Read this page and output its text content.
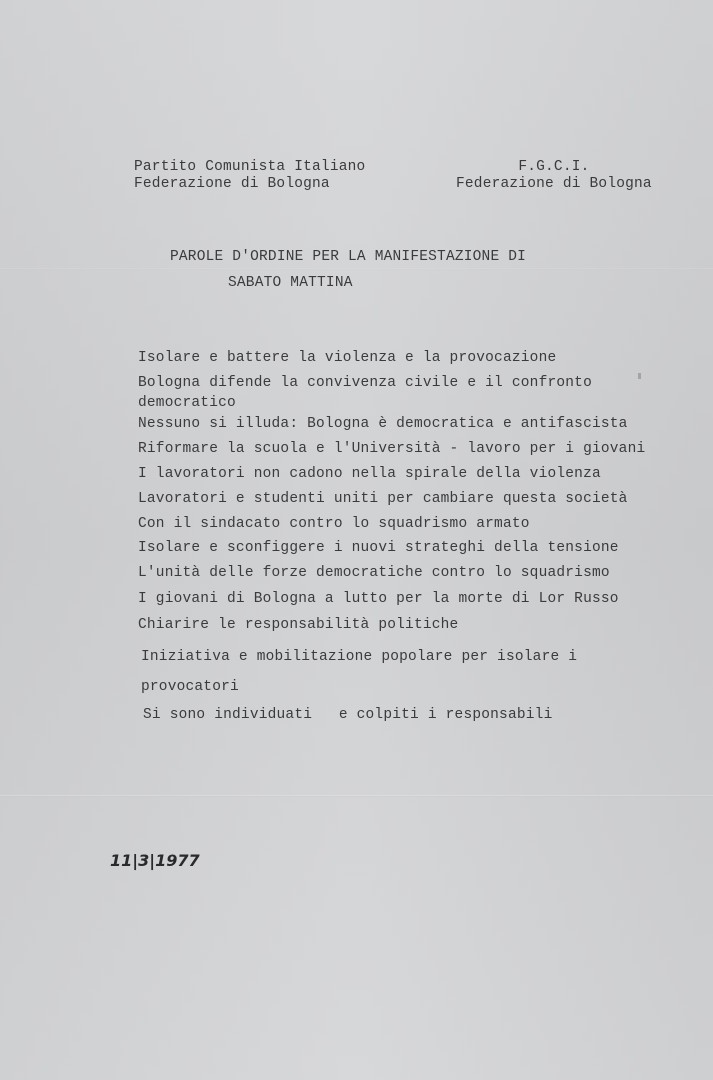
Partito Comunista Italiano
Federazione di Bologna
F.G.C.I.
Federazione di Bologna
PAROLE D'ORDINE PER LA MANIFESTAZIONE DI
SABATO MATTINA
Isolare e battere la violenza e la provocazione
Bologna difende la convivenza civile e il confronto
democratico
Nessuno si illuda: Bologna è democratica e antifascista
Riformare la scuola e l'Università - lavoro per i giovani
I lavoratori non cadono nella spirale della violenza
Lavoratori e studenti uniti per cambiare questa società
Con il sindacato contro lo squadrismo armato
Isolare e sconfiggere i nuovi strateghi della tensione
L'unità delle forze democratiche contro lo squadrismo
I giovani di Bologna a lutto per la morte di Lor Russo
Chiarire le responsabilità politiche
Iniziativa e mobilitazione popolare per isolare i
provocatori
Si sono individuati   e colpiti i responsabili
11|3|1977
